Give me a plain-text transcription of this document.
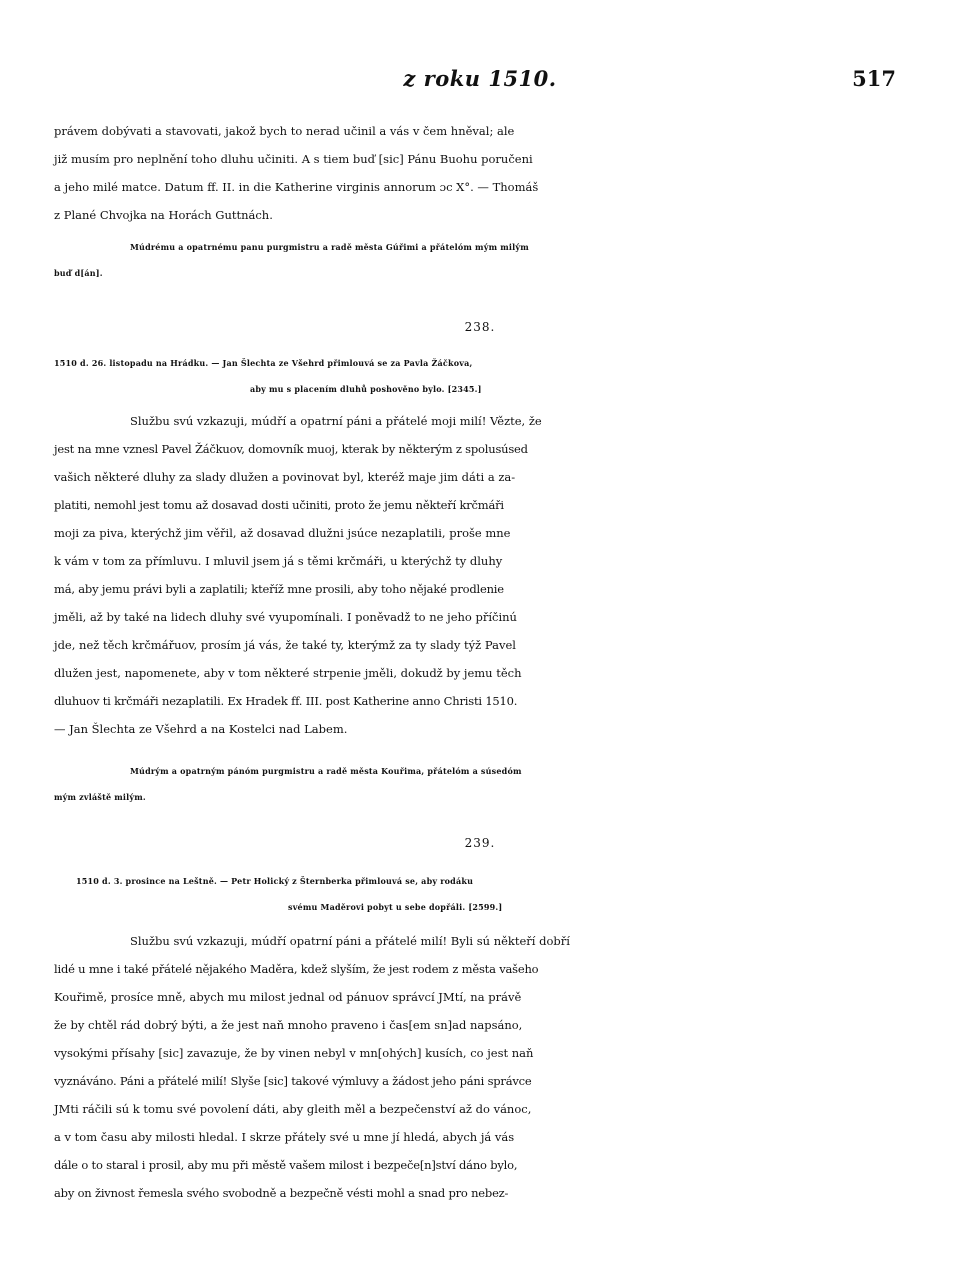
z roku 1510.	517

právem dobývati a stavovati, jakož bych to nerad učinil a vás v čem hněval; ale

již musím pro neplnění toho dluhu učiniti. A s tiem buď [sic] Pánu Buohu poručeni

a jeho milé matce. Datum ff. II. in die Katherine virginis annorum ɔc X°. — Thomáš

z Plané Chvojka na Horách Guttnách.

Múdrému a opatrnému panu purgmistru a radě města Gúřimi a přátelóm mým milým

buď d[án].

238.

1510 d. 26. listopadu na Hrádku. — Jan Šlechta ze Všehrd přimlouvá se za Pavla Žáčkova,

aby mu s placením dluhů poshověno bylo. [2345.]

Službu svú vzkazuji, múdří a opatrní páni a přátelé moji milí! Vězte, že

jest na mne vznesl Pavel Žáčkuov, domovník muoj, kterak by některým z spolusúsed

vašich některé dluhy za slady dlužen a povinovat byl, kteréž maje jim dáti a za-

platiti, nemohl jest tomu až dosavad dosti učiniti, proto že jemu někteří krčmáři

moji za piva, kterýchž jim věřil, až dosavad dlužni jsúce nezaplatili, proše mne

k vám v tom za přímluvu. I mluvil jsem já s těmi krčmáři, u kterýchž ty dluhy

má, aby jemu právi byli a zaplatili; kteříž mne prosili, aby toho nějaké prodlenie

jměli, až by také na lidech dluhy své vyupomínali. I poněvadž to ne jeho příčinú

jde, než těch krčmářuov, prosím já vás, že také ty, kterýmž za ty slady týž Pavel

dlužen jest, napomenete, aby v tom některé strpenie jměli, dokudž by jemu těch

dluhuov ti krčmáři nezaplatili. Ex Hradek ff. III. post Katherine anno Christi 1510.

— Jan Šlechta ze Všehrd a na Kostelci nad Labem.

Múdrým a opatrným pánóm purgmistru a radě města Kouřima, přátelóm a súsedóm

mým zvláště milým.

239.

1510 d. 3. prosince na Leštně. — Petr Holický z Šternberka přimlouvá se, aby rodáku

svému Maděrovi pobyt u sebe dopřáli. [2599.]

Službu svú vzkazuji, múdří opatrní páni a přátelé milí! Byli sú někteří dobří

lidé u mne i také přátelé nějakého Maděra, kdež slyším, že jest rodem z města vašeho

Kouřimě, prosíce mně, abych mu milost jednal od pánuov správcí JMtí, na právě

že by chtěl rád dobrý býti, a že jest naň mnoho praveno i čas[em sn]ad napsáno,

vysokými přísahy [sic] zavazuje, že by vinen nebyl v mn[ohých] kusích, co jest naň

vyznáváno. Páni a přátelé milí! Slyše [sic] takové výmluvy a žádost jeho páni správce

JMti ráčili sú k tomu své povolení dáti, aby gleith měl a bezpečenství až do vánoc,

a v tom času aby milosti hledal. I skrze přátely své u mne jí hledá, abych já vás

dále o to staral i prosil, aby mu při městě vašem milost i bezpeče[n]ství dáno bylo,

aby on živnost řemesla svého svobodně a bezpečně vésti mohl a snad pro nebez-
